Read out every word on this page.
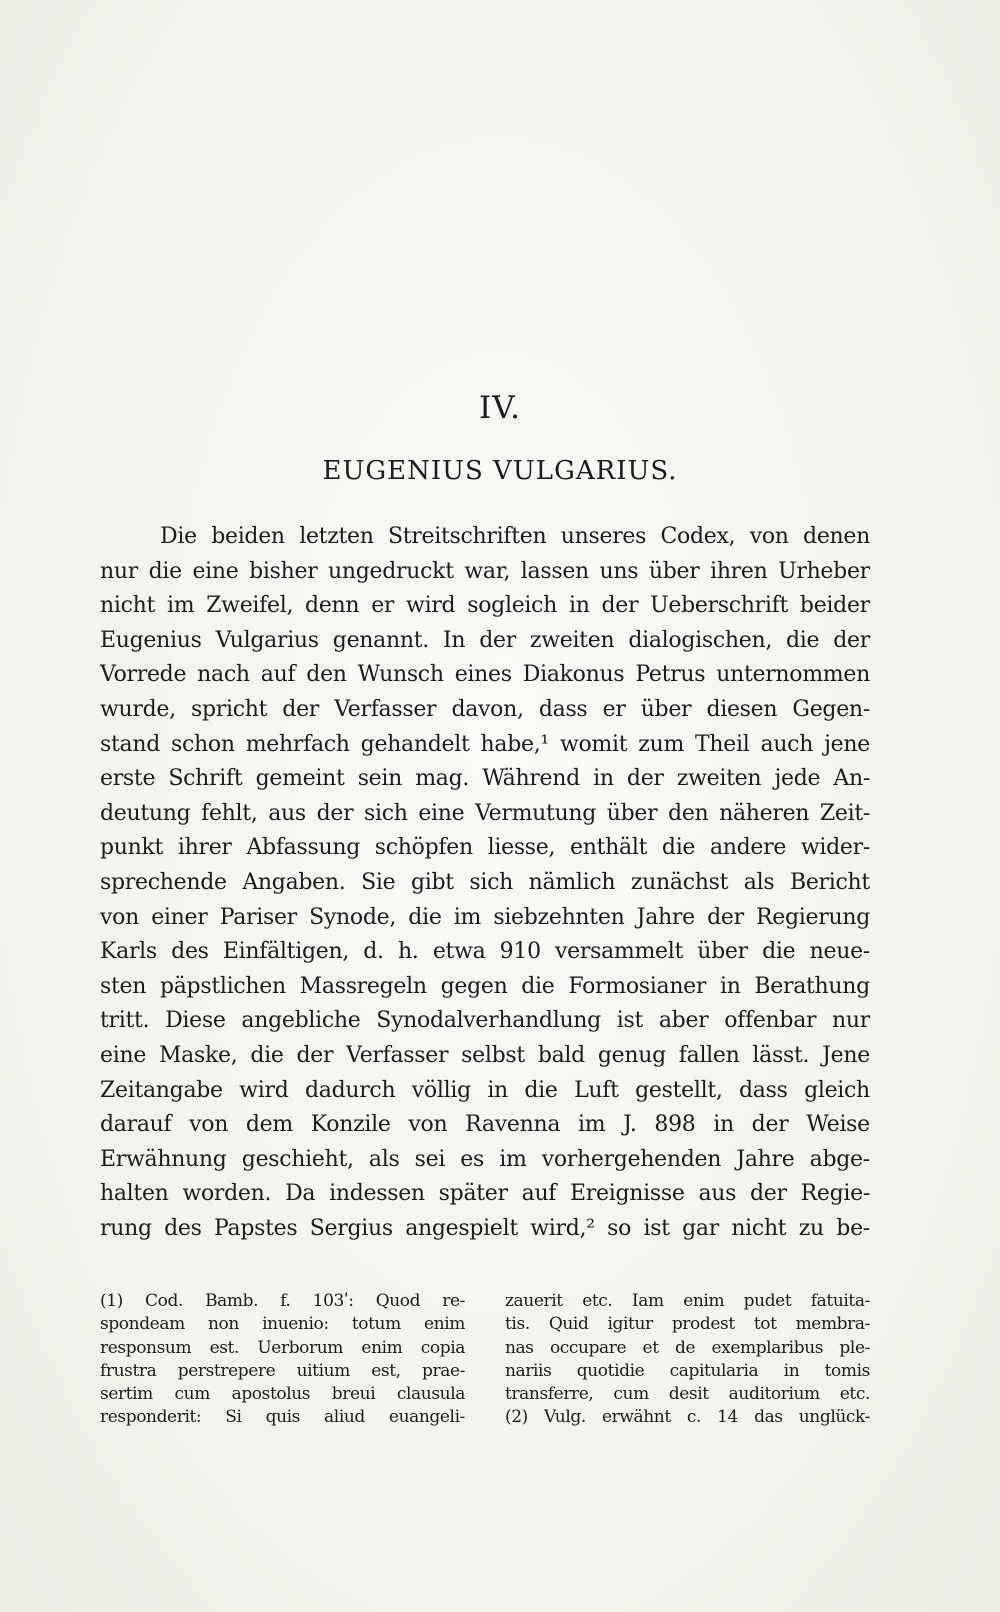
IV.
EUGENIUS VULGARIUS.
Die beiden letzten Streitschriften unseres Codex, von denen
nur die eine bisher ungedruckt war, lassen uns über ihren Urheber
nicht im Zweifel, denn er wird sogleich in der Ueberschrift beider
Eugenius Vulgarius genannt. In der zweiten dialogischen, die der
Vorrede nach auf den Wunsch eines Diakonus Petrus unternommen
wurde, spricht der Verfasser davon, dass er über diesen Gegen-
stand schon mehrfach gehandelt habe,¹ womit zum Theil auch jene
erste Schrift gemeint sein mag. Während in der zweiten jede An-
deutung fehlt, aus der sich eine Vermutung über den näheren Zeit-
punkt ihrer Abfassung schöpfen liesse, enthält die andere wider-
sprechende Angaben. Sie gibt sich nämlich zunächst als Bericht
von einer Pariser Synode, die im siebzehnten Jahre der Regierung
Karls des Einfältigen, d. h. etwa 910 versammelt über die neue-
sten päpstlichen Massregeln gegen die Formosianer in Berathung
tritt. Diese angebliche Synodalverhandlung ist aber offenbar nur
eine Maske, die der Verfasser selbst bald genug fallen lässt. Jene
Zeitangabe wird dadurch völlig in die Luft gestellt, dass gleich
darauf von dem Konzile von Ravenna im J. 898 in der Weise
Erwähnung geschieht, als sei es im vorhergehenden Jahre abge-
halten worden. Da indessen später auf Ereignisse aus der Regie-
rung des Papstes Sergius angespielt wird,² so ist gar nicht zu be-
(1) Cod. Bamb. f. 103ʹ: Quod re-
spondeam non inuenio: totum enim
responsum est. Uerborum enim copia
frustra perstrepere uitium est, prae-
sertim cum apostolus breui clausula
responderit: Si quis aliud euangeli-
zauerit etc. Iam enim pudet fatuita-
tis. Quid igitur prodest tot membra-
nas occupare et de exemplaribus ple-
nariis quotidie capitularia in tomis
transferre, cum desit auditorium etc.
(2) Vulg. erwähnt c. 14 das unglück-
